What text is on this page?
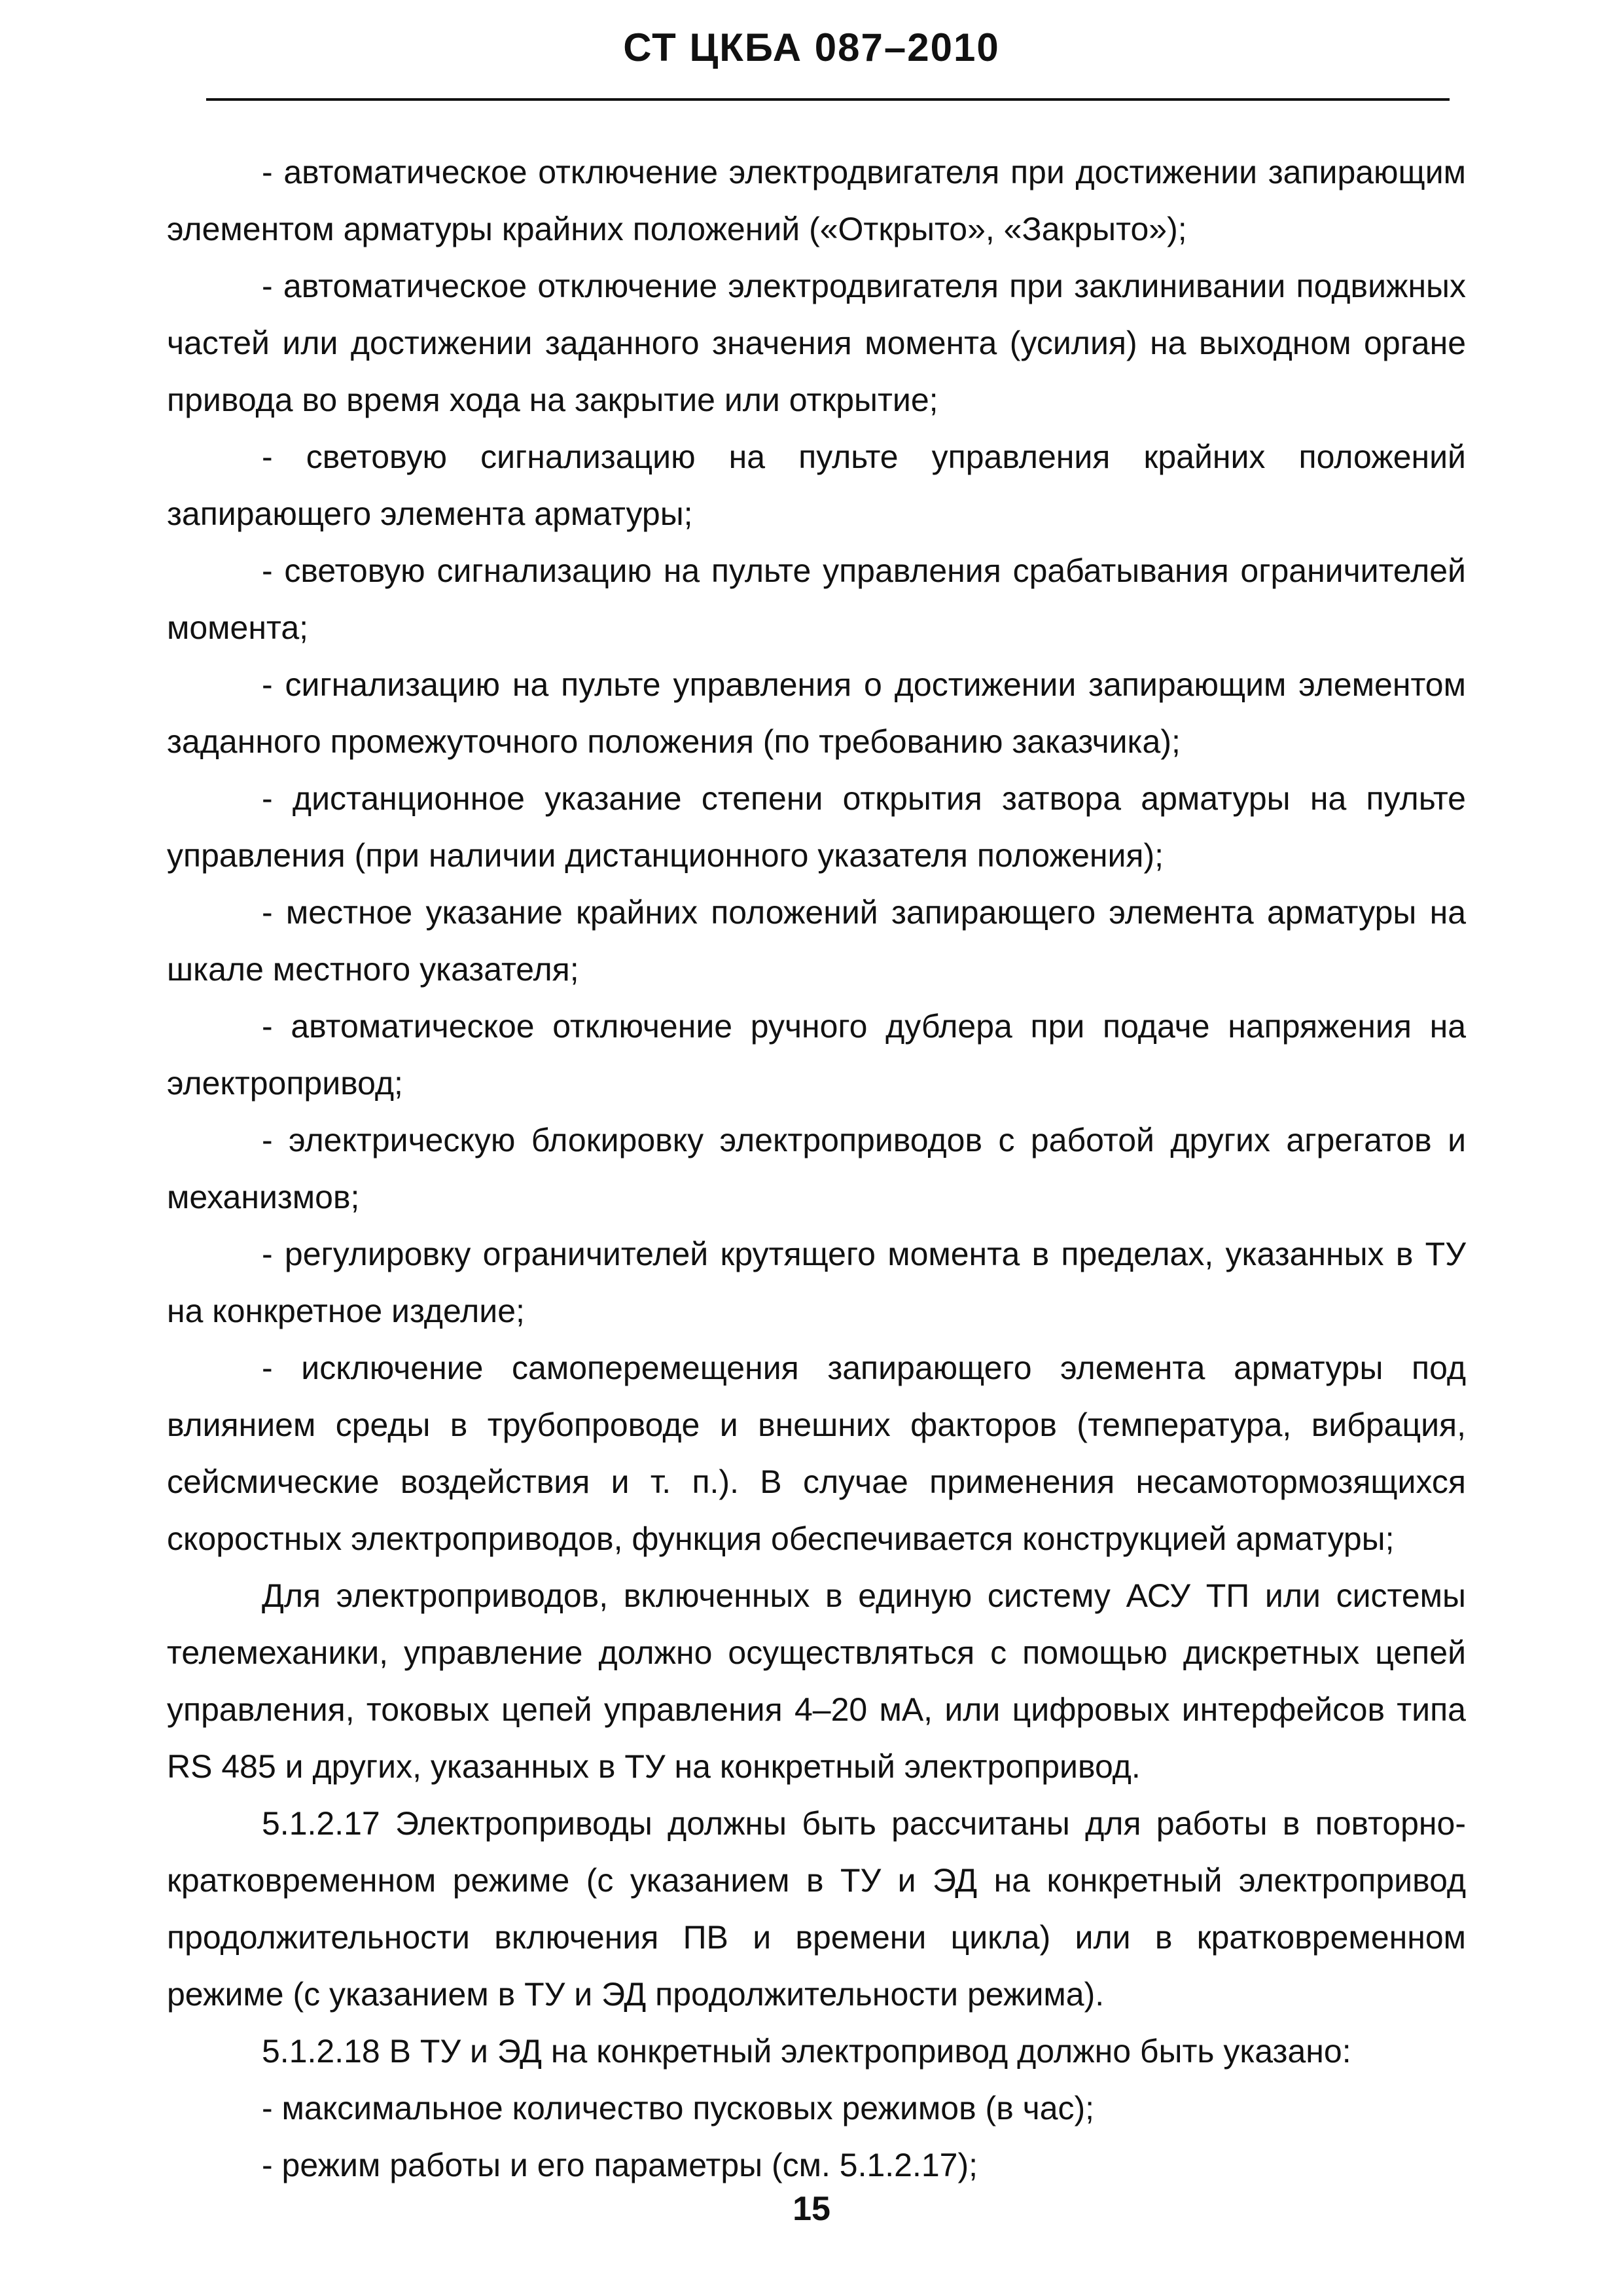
СТ ЦКБА 087–2010

- автоматическое отключение электродвигателя при достижении запирающим элементом арматуры крайних положений («Открыто», «Закрыто»);

- автоматическое отключение электродвигателя при заклинивании подвижных частей или достижении заданного значения момента (усилия) на выходном органе привода во время хода на закрытие или открытие;

- световую сигнализацию на пульте управления крайних положений запирающего элемента арматуры;

- световую сигнализацию на пульте управления срабатывания ограничителей момента;

- сигнализацию на пульте управления о достижении запирающим элементом заданного промежуточного положения (по требованию заказчика);

- дистанционное указание степени открытия затвора арматуры на пульте управления (при наличии дистанционного указателя положения);

- местное указание крайних положений запирающего элемента арматуры на шкале местного указателя;

- автоматическое отключение ручного дублера при подаче напряжения на электропривод;

- электрическую блокировку электроприводов с работой других агрегатов и механизмов;

- регулировку ограничителей крутящего момента в пределах, указанных в ТУ на конкретное изделие;

- исключение самоперемещения запирающего элемента арматуры под влиянием среды в трубопроводе и внешних факторов (температура, вибрация, сейсмические воздействия и т. п.). В случае применения несамотормозящихся скоростных электроприводов, функция обеспечивается конструкцией арматуры;

Для электроприводов, включенных в единую систему АСУ ТП или системы телемеханики, управление должно осуществляться с помощью дискретных цепей управления, токовых цепей управления 4–20 мА, или цифровых интерфейсов типа RS 485 и других, указанных в ТУ на конкретный электропривод.

5.1.2.17 Электроприводы должны быть рассчитаны для работы в повторно-кратковременном режиме (с указанием в ТУ и ЭД на конкретный электропривод продолжительности включения ПВ и времени цикла) или в кратковременном режиме (с указанием в ТУ и ЭД продолжительности режима).

5.1.2.18 В ТУ и ЭД на конкретный электропривод должно быть указано:

- максимальное количество пусковых режимов (в час);

- режим работы и его параметры (см. 5.1.2.17);

15
